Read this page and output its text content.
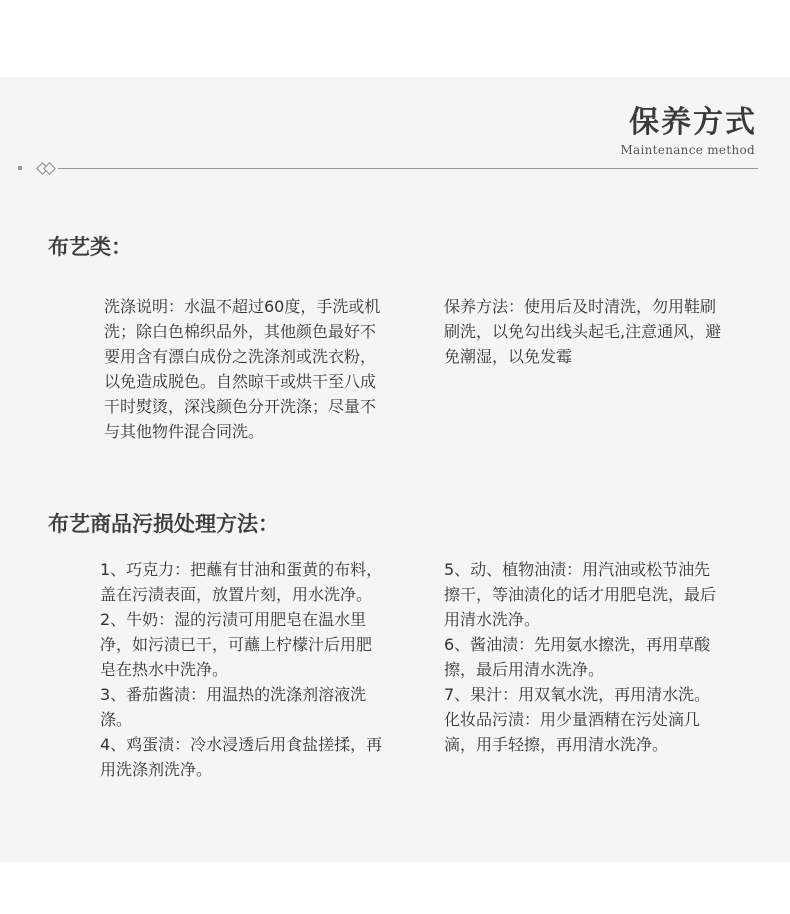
保养方式
Maintenance method
布艺类：

洗涤说明：水温不超过60度，手洗或机洗；除白色棉织品外，其他颜色最好不要用含有漂白成份之洗涤剂或洗衣粉，以免造成脱色。自然晾干或烘干至八成干时熨烫，深浅颜色分开洗涤；尽量不与其他物件混合同洗。

保养方法：使用后及时清洗，勿用鞋刷刷洗，以免勾出线头起毛,注意通风，避免潮湿，以免发霉

布艺商品污损处理方法：

1、巧克力：把蘸有甘油和蛋黄的布料，盖在污渍表面，放置片刻，用水洗净。

2、牛奶：湿的污渍可用肥皂在温水里净，如污渍已干，可蘸上柠檬汁后用肥皂在热水中洗净。

3、番茄酱渍：用温热的洗涤剂溶液洗涤。

4、鸡蛋渍：冷水浸透后用食盐搓揉，再用洗涤剂洗净。

5、动、植物油渍：用汽油或松节油先擦干，等油渍化的话才用肥皂洗，最后用清水洗净。

6、酱油渍：先用氨水擦洗，再用草酸擦，最后用清水洗净。

7、果汁：用双氧水洗，再用清水洗。化妆品污渍：用少量酒精在污处滴几滴，用手轻擦，再用清水洗净。
